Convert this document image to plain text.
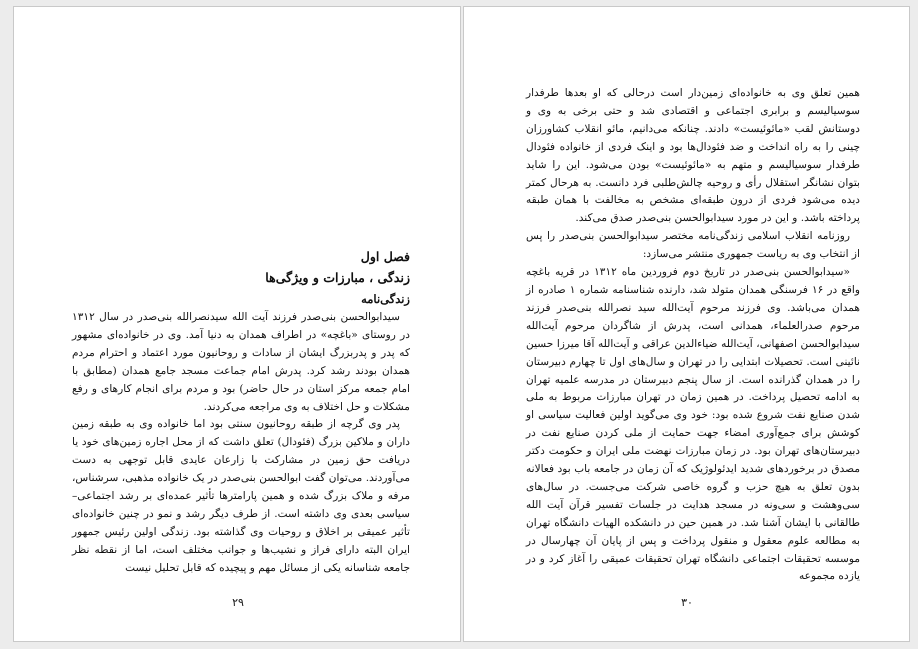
فصل اول
زندگی ، مبارزات و ویژگی‌ها
زندگی‌نامه

سیدابوالحسن بنی‌صدر فرزند آیت الله سیدنصرالله بنی‌صدر در سال ۱۳۱۲ در روستای «باغچه» در اطراف همدان به دنیا آمد. وی در خانواده‌ای مشهور که پدر و پدربزرگ ایشان از سادات و روحانیون مورد اعتماد و احترام مردم همدان بودند رشد کرد. پدرش امام جماعت مسجد جامع همدان (مطابق با امام جمعه مرکز استان در حال حاضر) بود و مردم برای انجام کارهای و رفع مشکلات و حل اختلاف به وی مراجعه می‌کردند.

پدر وی گرچه از طبقه روحانیون سنتی بود اما خانواده وی به طبقه زمین داران و ملاکین بزرگ (فئودال) تعلق داشت که از محل اجاره زمین‌های خود یا دریافت حق زمین در مشارکت با زارعان عایدی قابل توجهی به دست می‌آوردند. می‌توان گفت ابوالحسن بنی‌صدر در یک خانواده مذهبی، سرشناس، مرفه و ملاک بزرگ شده و همین پارامترها تأثیر عمده‌ای بر رشد اجتماعی– سیاسی بعدی وی داشته است. از طرف دیگر رشد و نمو در چنین خانواده‌ای تأثیر عمیقی بر اخلاق و روحیات وی گذاشته بود. زندگی اولین رئیس جمهور ایران البته دارای فراز و نشیب‌ها و جوانب مختلف است، اما از نقطه نظر جامعه شناسانه یکی از مسائل مهم و پیچیده که قابل تحلیل نیست

۲۹

همین تعلق وی به خانواده‌ای زمین‌دار است درحالی که او بعدها طرفدار سوسیالیسم و برابری اجتماعی و اقتصادی شد و حتی برخی به وی و دوستانش لقب «مائوئیست» دادند. چنانکه می‌دانیم، مائو انقلاب کشاورزان چینی را به راه انداخت و ضد فئودال‌ها بود و اینک فردی از خانواده فئودال طرفدار سوسیالیسم و متهم به «مائوئیست» بودن می‌شود. این را شاید بتوان نشانگر استقلال رأی و روحیه چالش‌طلبی فرد دانست. به هرحال کمتر دیده می‌شود فردی از درون طبقه‌ای مشخص به مخالفت با همان طبقه پرداخته باشد. و این در مورد سیدابوالحسن بنی‌صدر صدق می‌کند.

روزنامه انقلاب اسلامی زندگی‌نامه مختصر سیدابوالحسن بنی‌صدر را پس از انتخاب وی به ریاست جمهوری منتشر می‌سازد:

«سیدابوالحسن بنی‌صدر در تاریخ دوم فروردین ماه ۱۳۱۲ در قریه باغچه واقع در ۱۶ فرسنگی همدان متولد شد، دارنده شناسنامه شماره ۱ صادره از همدان می‌باشد. وی فرزند مرحوم آیت‌الله سید نصرالله بنی‌صدر فرزند مرحوم صدرالعلماء، همدانی است، پدرش از شاگردان مرحوم آیت‌الله سیدابوالحسن اصفهانی، آیت‌الله ضیاءالدین عراقی و آیت‌الله آقا میرزا حسین نائینی است. تحصیلات ابتدایی را در تهران و سال‌های اول تا چهارم دبیرستان را در همدان گذرانده است. از سال پنجم دبیرستان در مدرسه علمیه تهران به ادامه تحصیل پرداخت. در همین زمان در تهران مبارزات مربوط به ملی شدن صنایع نفت شروع شده بود: خود وی می‌گوید اولین فعالیت سیاسی او کوشش برای جمع‌آوری امضاء جهت حمایت از ملی کردن صنایع نفت در دبیرستان‌های تهران بود. در زمان مبارزات نهضت ملی ایران و حکومت دکتر مصدق در برخوردهای شدید ایدئولوژیک که آن زمان در جامعه باب بود فعالانه بدون تعلق به هیچ حزب و گروه خاصی شرکت می‌جست. در سال‌های سی‌وهشت و سی‌ونه در مسجد هدایت در جلسات تفسیر قرآن آیت الله طالقانی با ایشان آشنا شد. در همین حین در دانشکده الهیات دانشگاه تهران به مطالعه علوم معقول و منقول پرداخت و پس از پایان آن چهارسال در موسسه تحقیقات اجتماعی دانشگاه تهران تحقیقات عمیقی را آغاز کرد و در یازده مجموعه

۳۰
